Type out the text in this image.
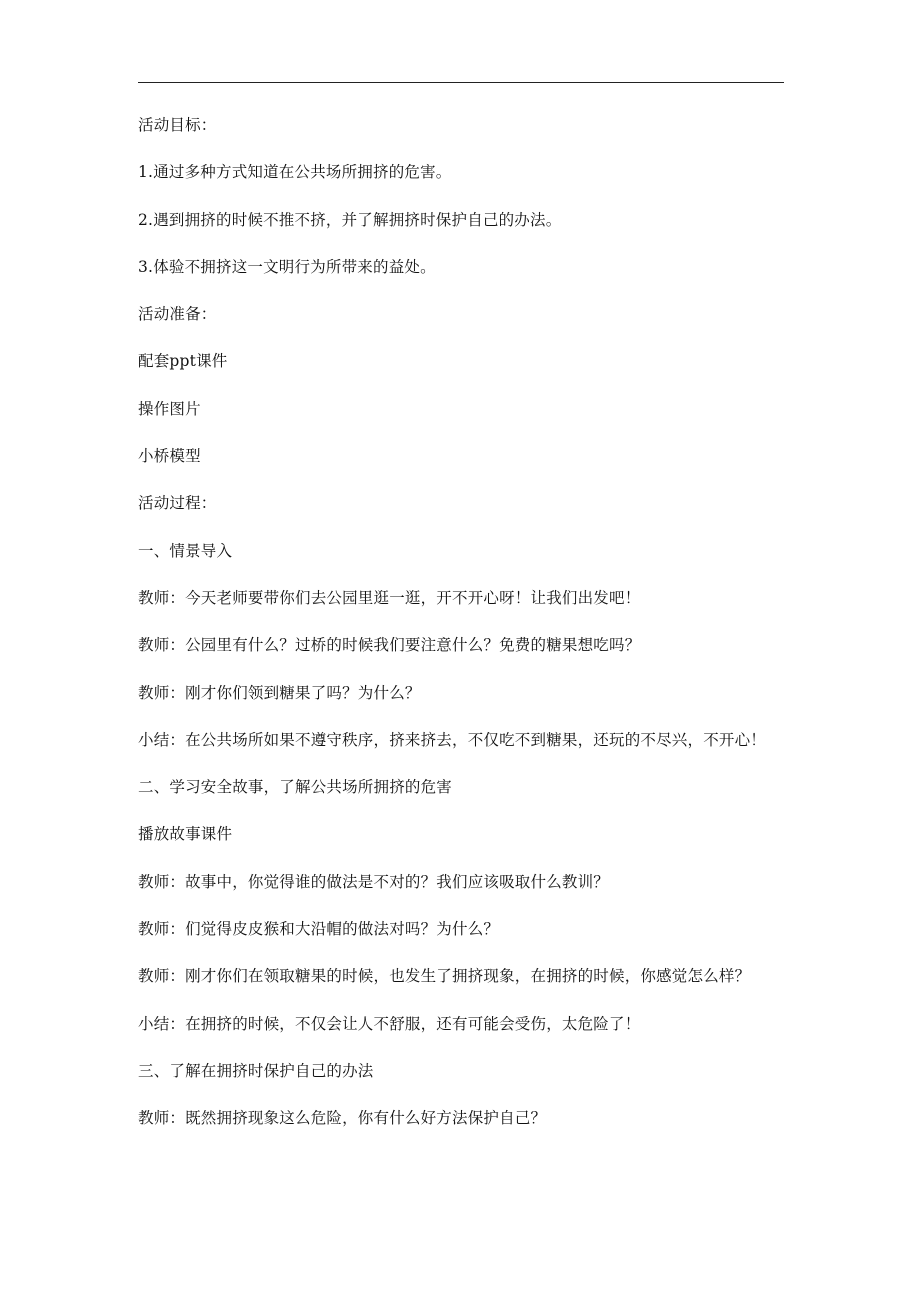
活动目标：
1.通过多种方式知道在公共场所拥挤的危害。
2.遇到拥挤的时候不推不挤，并了解拥挤时保护自己的办法。
3.体验不拥挤这一文明行为所带来的益处。
活动准备：
配套ppt课件
操作图片
小桥模型
活动过程：
一、情景导入
教师：今天老师要带你们去公园里逛一逛，开不开心呀！让我们出发吧！
教师：公园里有什么？过桥的时候我们要注意什么？免费的糖果想吃吗？
教师：刚才你们领到糖果了吗？为什么？
小结：在公共场所如果不遵守秩序，挤来挤去，不仅吃不到糖果，还玩的不尽兴，不开心！
二、学习安全故事，了解公共场所拥挤的危害
播放故事课件
教师：故事中，你觉得谁的做法是不对的？我们应该吸取什么教训？
教师：们觉得皮皮猴和大沿帽的做法对吗？为什么？
教师：刚才你们在领取糖果的时候，也发生了拥挤现象，在拥挤的时候，你感觉怎么样？
小结：在拥挤的时候，不仅会让人不舒服，还有可能会受伤，太危险了！
三、了解在拥挤时保护自己的办法
教师：既然拥挤现象这么危险，你有什么好方法保护自己？
